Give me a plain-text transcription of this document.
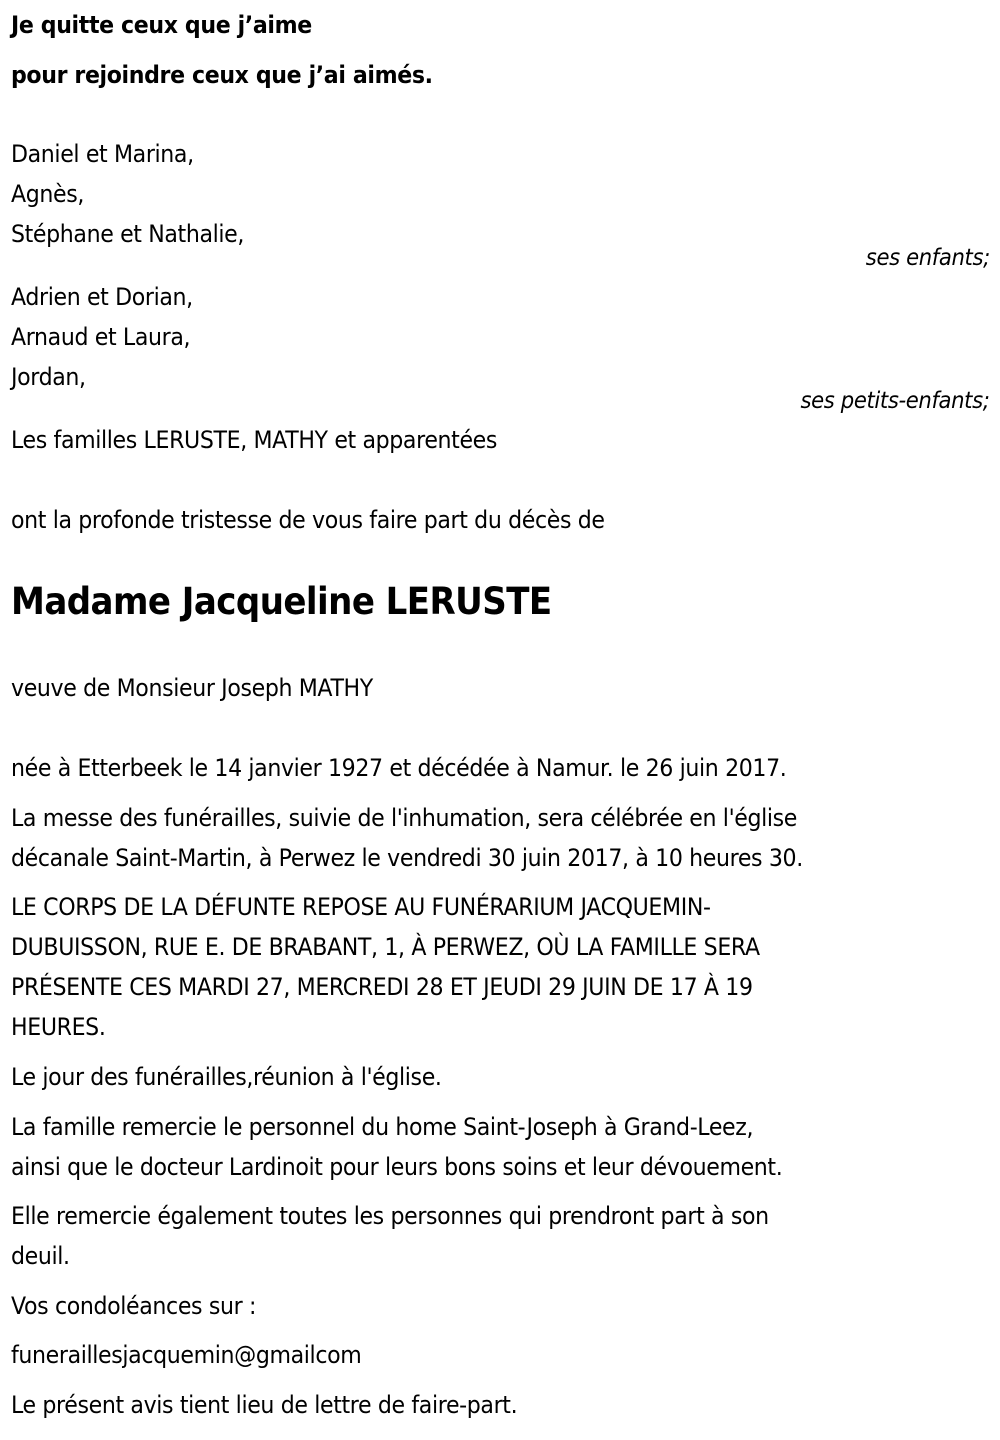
Je quitte ceux que j’aime
pour rejoindre ceux que j’ai aimés.
Daniel et Marina,
Agnès,
Stéphane et Nathalie,
ses enfants;
Adrien et Dorian,
Arnaud et Laura,
Jordan,
ses petits-enfants;
Les familles LERUSTE, MATHY et apparentées
ont la profonde tristesse de vous faire part du décès de
Madame Jacqueline LERUSTE
veuve de Monsieur Joseph MATHY
née à Etterbeek le 14 janvier 1927 et décédée à Namur. le 26 juin 2017.
La messe des funérailles, suivie de l'inhumation, sera célébrée en l'église
décanale Saint-Martin, à Perwez le vendredi 30 juin 2017, à 10 heures 30.
LE CORPS DE LA DÉFUNTE REPOSE AU FUNÉRARIUM JACQUEMIN-
DUBUISSON, RUE E. DE BRABANT, 1, À PERWEZ, OÙ LA FAMILLE SERA
PRÉSENTE CES MARDI 27, MERCREDI 28 ET JEUDI 29 JUIN DE 17 À 19
HEURES.
Le jour des funérailles,réunion à l'église.
La famille remercie le personnel du home Saint-Joseph à Grand-Leez,
ainsi que le docteur Lardinoit pour leurs bons soins et leur dévouement.
Elle remercie également toutes les personnes qui prendront part à son
deuil.
Vos condoléances sur :
funeraillesjacquemin@gmailcom
Le présent avis tient lieu de lettre de faire-part.
